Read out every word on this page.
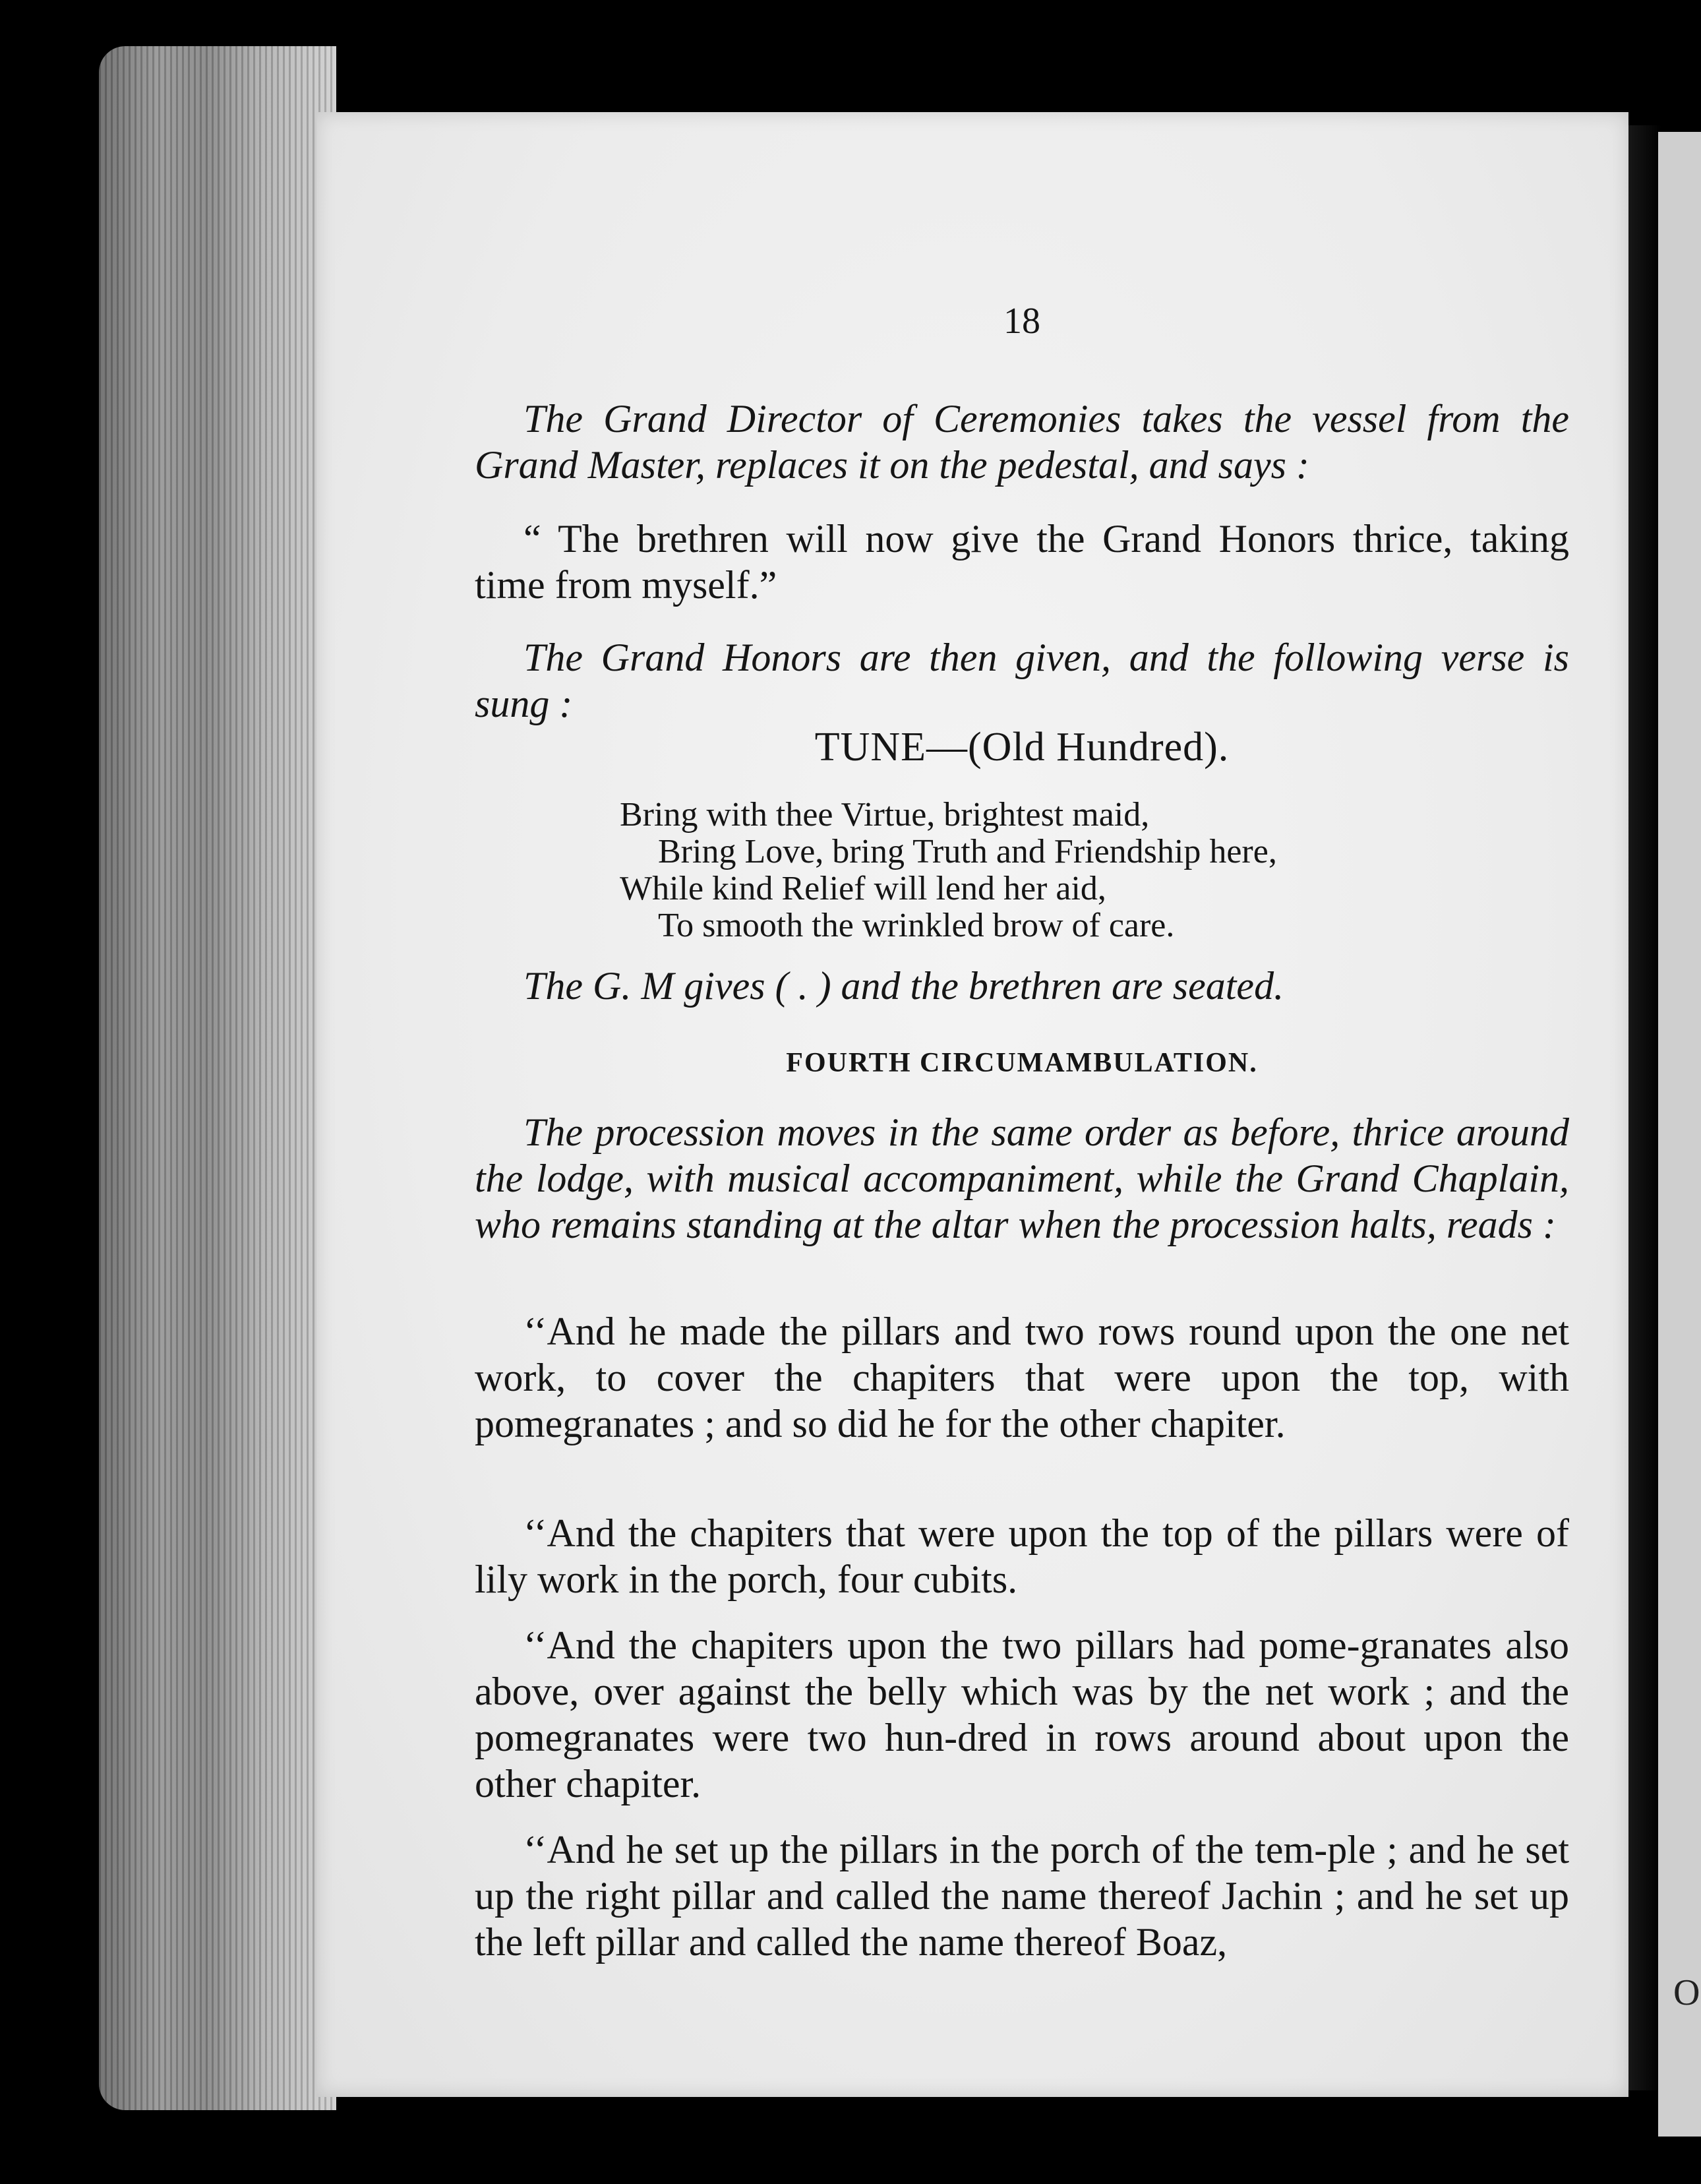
O
18

The Grand Director of Ceremonies takes the vessel from the Grand Master, replaces it on the pedestal, and says :

“ The brethren will now give the Grand Honors thrice, taking time from myself.”

The Grand Honors are then given, and the following verse is sung :

TUNE—(Old Hundred).
Bring with thee Virtue, brightest maid,
Bring Love, bring Truth and Friendship here,
While kind Relief will lend her aid,
To smooth the wrinkled brow of care.

The G. M gives ( . ) and the brethren are seated.

FOURTH CIRCUMAMBULATION.

The procession moves in the same order as before, thrice around the lodge, with musical accompaniment, while the Grand Chaplain, who remains standing at the altar when the procession halts, reads :

‘‘And he made the pillars and two rows round upon the one net work, to cover the chapiters that were upon the top, with pomegranates ; and so did he for the other chapiter.

‘‘And the chapiters that were upon the top of the pillars were of lily work in the porch, four cubits.

‘‘And the chapiters upon the two pillars had pome-granates also above, over against the belly which was by the net work ; and the pomegranates were two hun-dred in rows around about upon the other chapiter.

‘‘And he set up the pillars in the porch of the tem-ple ; and he set up the right pillar and called the name thereof Jachin ; and he set up the left pillar and called the name thereof Boaz,
